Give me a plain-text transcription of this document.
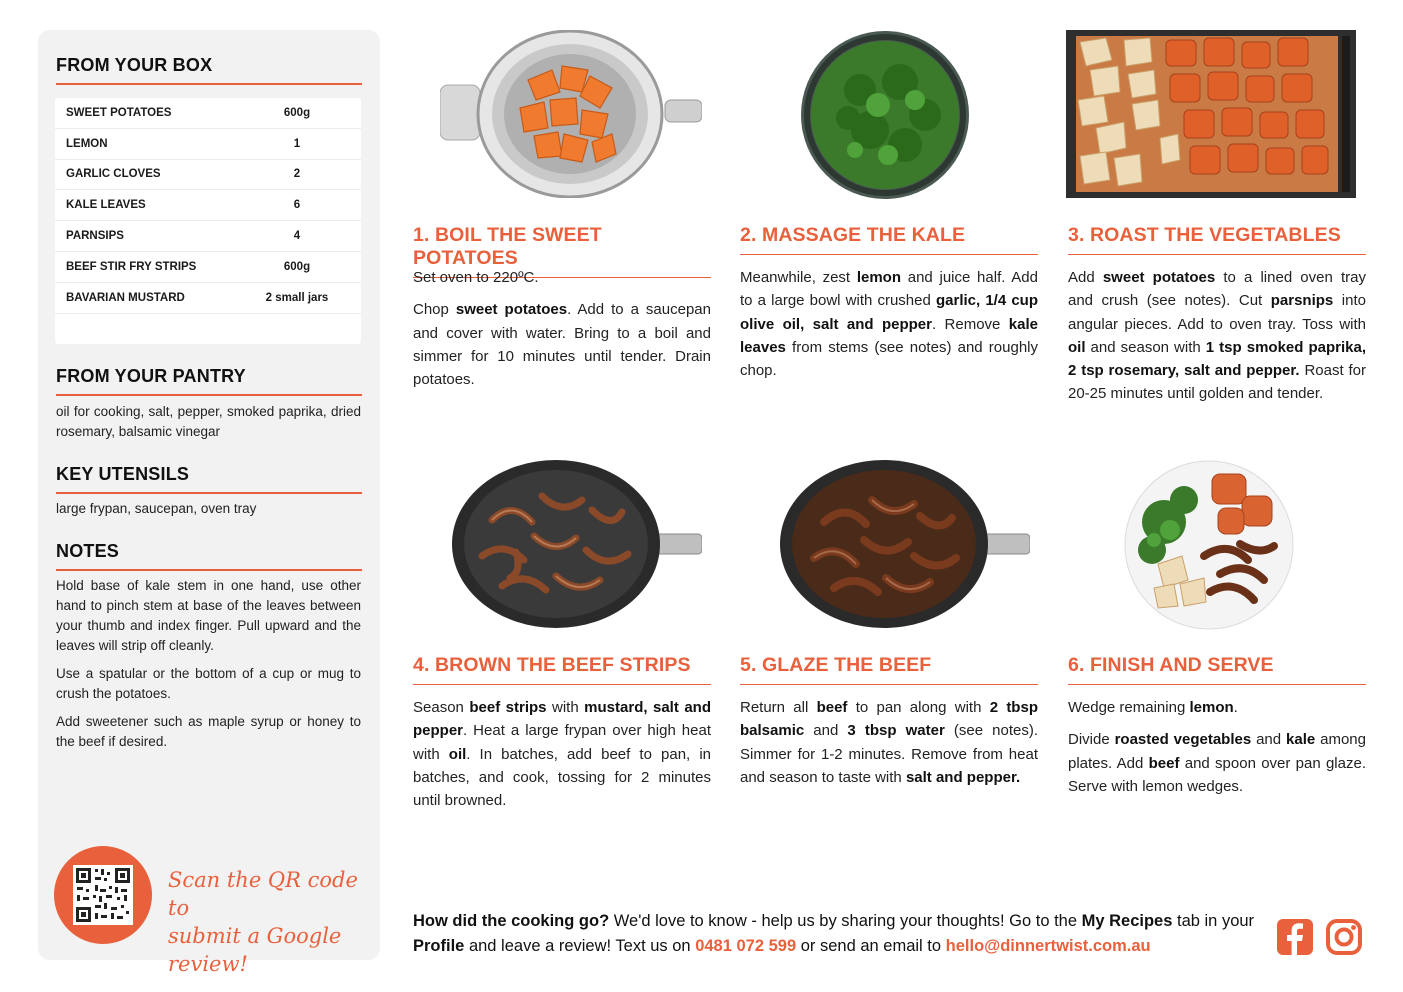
FROM YOUR BOX
SWEET POTATOES	600g
LEMON	1
GARLIC CLOVES	2
KALE LEAVES	6
PARNSIPS	4
BEEF STIR FRY STRIPS	600g
BAVARIAN MUSTARD	2 small jars
FROM YOUR PANTRY
oil for cooking, salt, pepper, smoked paprika, dried rosemary, balsamic vinegar
KEY UTENSILS
large frypan, saucepan, oven tray
NOTES

Hold base of kale stem in one hand, use other hand to pinch stem at base of the leaves between your thumb and index finger. Pull upward and the leaves will strip off cleanly.

Use a spatular or the bottom of a cup or mug to crush the potatoes.

Add sweetener such as maple syrup or honey to the beef if desired.

Scan the QR code to
submit a Google review!
1. BOIL THE SWEET POTATOES

Set oven to 220ºC.

Chop sweet potatoes. Add to a saucepan and cover with water. Bring to a boil and simmer for 10 minutes until tender. Drain potatoes.

2. MASSAGE THE KALE

Meanwhile, zest lemon and juice half. Add to a large bowl with crushed garlic, 1/4 cup olive oil, salt and pepper. Remove kale leaves from stems (see notes) and roughly chop.

3. ROAST THE VEGETABLES

Add sweet potatoes to a lined oven tray and crush (see notes). Cut parsnips into angular pieces. Add to oven tray. Toss with oil and season with 1 tsp smoked paprika, 2 tsp rosemary, salt and pepper. Roast for 20-25 minutes until golden and tender.

4. BROWN THE BEEF STRIPS

Season beef strips with mustard, salt and pepper. Heat a large frypan over high heat with oil. In batches, add beef to pan, in batches, and cook, tossing for 2 minutes until browned.

5. GLAZE THE BEEF

Return all beef to pan along with 2 tbsp balsamic and 3 tbsp water (see notes). Simmer for 1-2 minutes. Remove from heat and season to taste with salt and pepper.

6. FINISH AND SERVE

Wedge remaining lemon.

Divide roasted vegetables and kale among plates. Add beef and spoon over pan glaze. Serve with lemon wedges.

How did the cooking go? We'd love to know - help us by sharing your thoughts! Go to the My Recipes tab in your Profile and leave a review! Text us on 0481 072 599 or send an email to hello@dinnertwist.com.au
